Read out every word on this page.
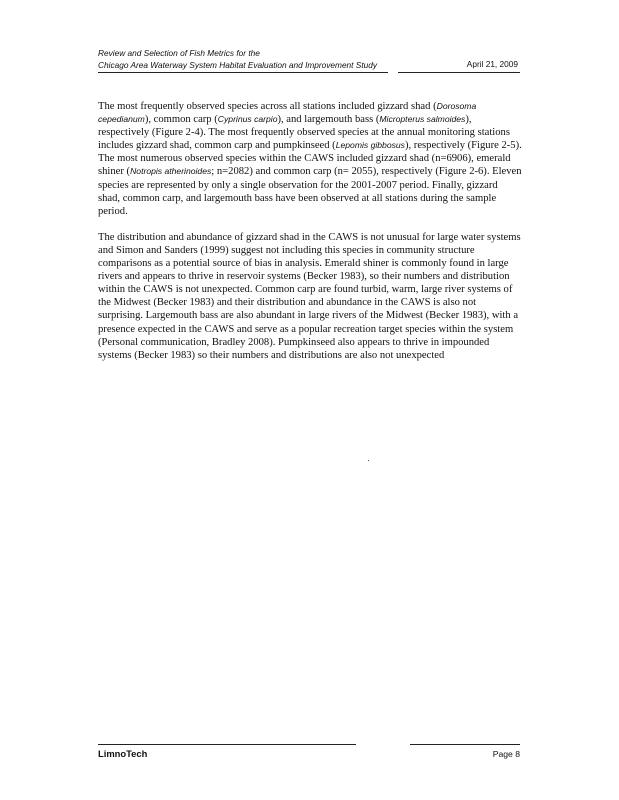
Review and Selection of Fish Metrics for the
Chicago Area Waterway System Habitat Evaluation and Improvement Study	April 21, 2009

The most frequently observed species across all stations included gizzard shad (Dorosoma cepedianum), common carp (Cyprinus carpio), and largemouth bass (Micropterus salmoides), respectively (Figure 2-4). The most frequently observed species at the annual monitoring stations includes gizzard shad, common carp and pumpkinseed (Lepomis gibbosus), respectively (Figure 2-5). The most numerous observed species within the CAWS included gizzard shad (n=6906), emerald shiner (Notropis atherinoides; n=2082) and common carp (n= 2055), respectively (Figure 2-6). Eleven species are represented by only a single observation for the 2001-2007 period. Finally, gizzard shad, common carp, and largemouth bass have been observed at all stations during the sample period.

The distribution and abundance of gizzard shad in the CAWS is not unusual for large water systems and Simon and Sanders (1999) suggest not including this species in community structure comparisons as a potential source of bias in analysis. Emerald shiner is commonly found in large rivers and appears to thrive in reservoir systems (Becker 1983), so their numbers and distribution within the CAWS is not unexpected. Common carp are found turbid, warm, large river systems of the Midwest (Becker 1983) and their distribution and abundance in the CAWS is also not surprising. Largemouth bass are also abundant in large rivers of the Midwest (Becker 1983), with a presence expected in the CAWS and serve as a popular recreation target species within the system (Personal communication, Bradley 2008). Pumpkinseed also appears to thrive in impounded systems (Becker 1983) so their numbers and distributions are also not unexpected

LimnoTech	Page 8
